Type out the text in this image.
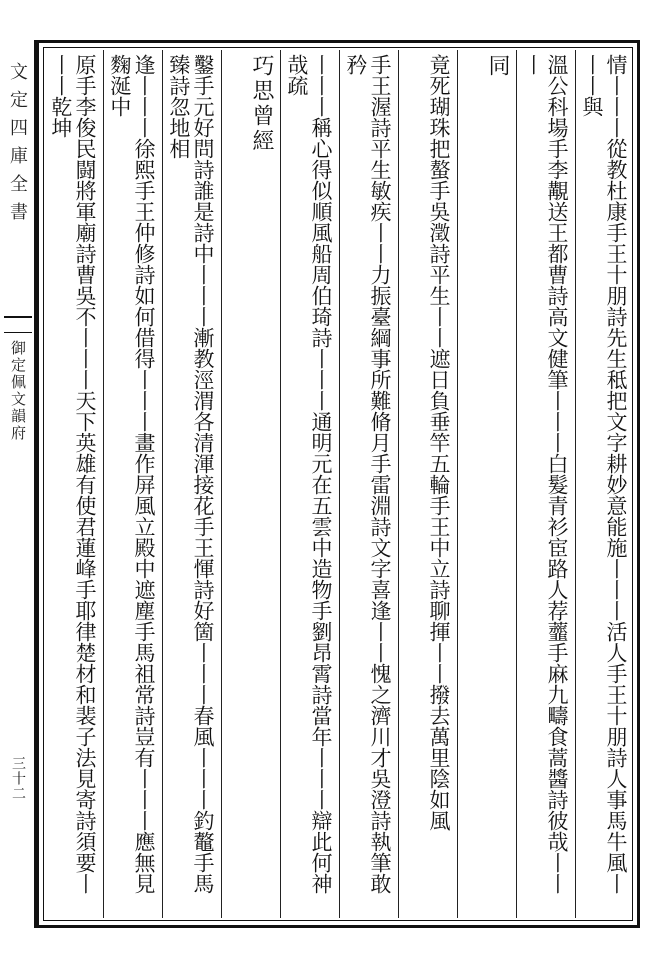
文定四庫全書
御定佩文韻府
三十二	情丨丨丨從教杜康手王十朋詩先生秪把文字耕妙意能施丨丨丨活人手王十朋詩人事馬牛風丨丨丨與
溫公科場手李覯送王都曹詩高文健筆丨丨丨白髮青衫宦路人荐虀手麻九疇食蒿醬詩彼哉丨丨丨
同
竟死瑚珠把螯手吳澂詩平生丨丨遮日負垂竿五輪手王中立詩聊揮丨丨撥去萬里陰如風
手王渥詩平生敏疾丨丨力振臺綱事所難脩月手雷淵詩文字喜逢丨丨愧之濟川才吳澄詩執筆敢矜
丨丨丨稱心得似順風船周伯琦詩丨丨丨通明元在五雲中造物手劉昂霄詩當年丨丨丨辯此何神哉疏
巧思曾經
鑿手元好問詩誰是詩中丨丨丨漸教涇渭各清渾接花手王惲詩好箇丨丨丨春風丨丨丨釣鼇手馬臻詩忽地相
逢丨丨丨徐熙手王仲修詩如何借得丨丨丨畫作屏風立殿中遮塵手馬祖常詩豈有丨丨丨應無見麴涎中
原手李俊民闘將軍廟詩曹吳不丨丨丨天下英雄有使君蓮峰手耶律楚材和裴子法見寄詩須要丨丨丨乾坤
